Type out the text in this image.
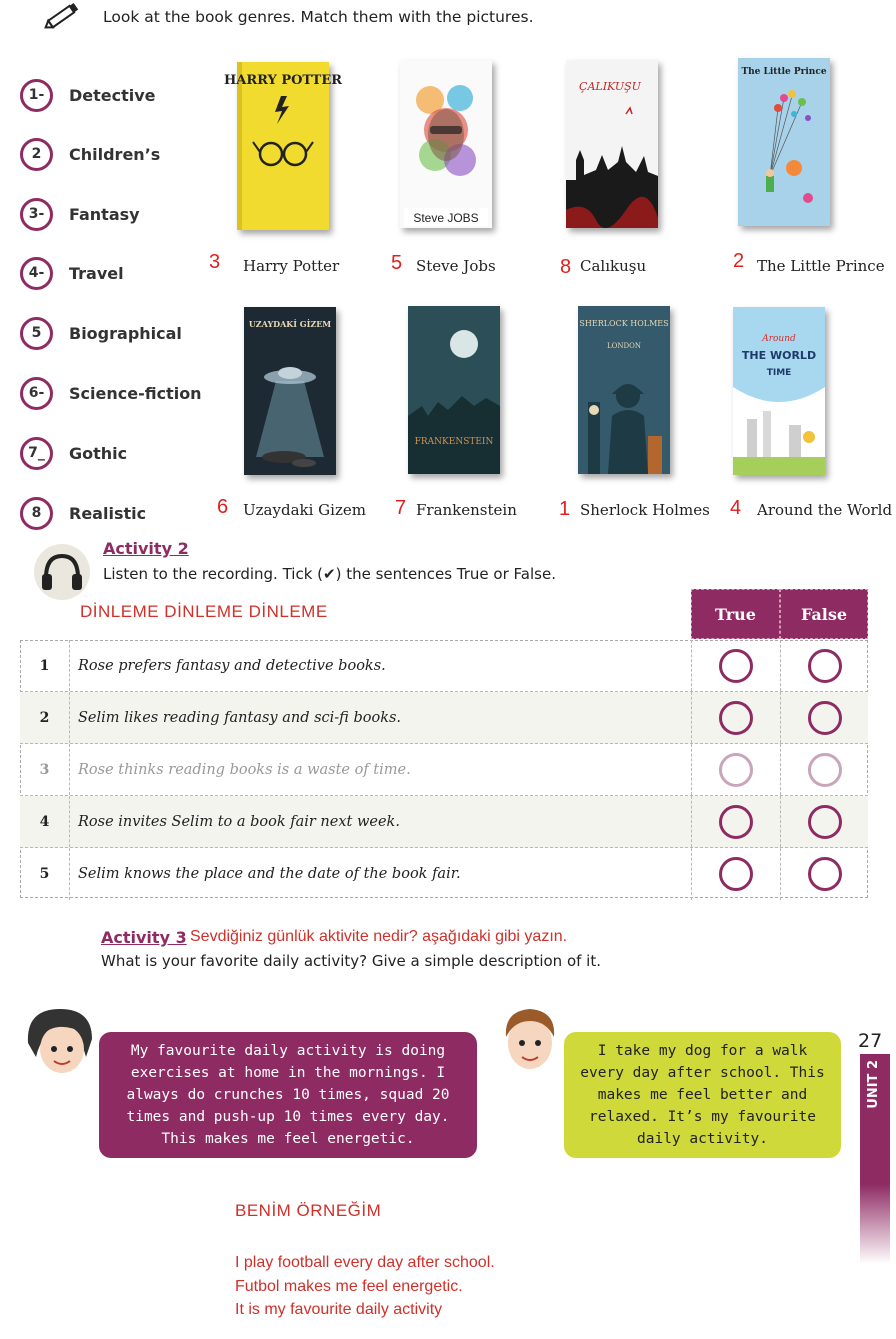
Look at the book genres. Match them with the pictures.
1-	Detective
2	Children’s
3-	Fantasy
4-	Travel
5	Biographical
6-	Science-fiction
7_	Gothic
8	Realistic
HARRY POTTER
Steve JOBS
ÇALIKUŞU
The Little Prince
3 Harry Potter	5 Steve Jobs	8 Calıkuşu	2 The Little Prince
UZAYDAKİ GİZEM
FRANKENSTEIN
SHERLOCK HOLMES
LONDON
Around
THE WORLD
TIME
6 Uzaydaki Gizem 7 Frankenstein 1 Sherlock Holmes 4 Around the World
Activity 2
Listen to the recording. Tick (✔) the sentences True or False.
DİNLEME DİNLEME DİNLEME	True	False
1	Rose prefers fantasy and detective books.
2	Selim likes reading fantasy and sci-fi books.
3	Rose thinks reading books is a waste of time.
4	Rose invites Selim to a book fair next week.
5	Selim knows the place and the date of the book fair.
Activity 3 Sevdiğiniz günlük aktivite nedir? aşağıdaki gibi yazın.
What is your favorite daily activity? Give a simple description of it.
My favourite daily activity is doing exercises at home in the mornings. I always do crunches 10 times, squad 20 times and push-up 10 times every day. This makes me feel energetic.
I take my dog for a walk every day after school. This makes me feel better and relaxed. It’s my favourite daily activity.
27
UNIT 2
BENİM ÖRNEĞİM
I play football every day after school.
Futbol makes me feel energetic.
It is my favourite daily activity
